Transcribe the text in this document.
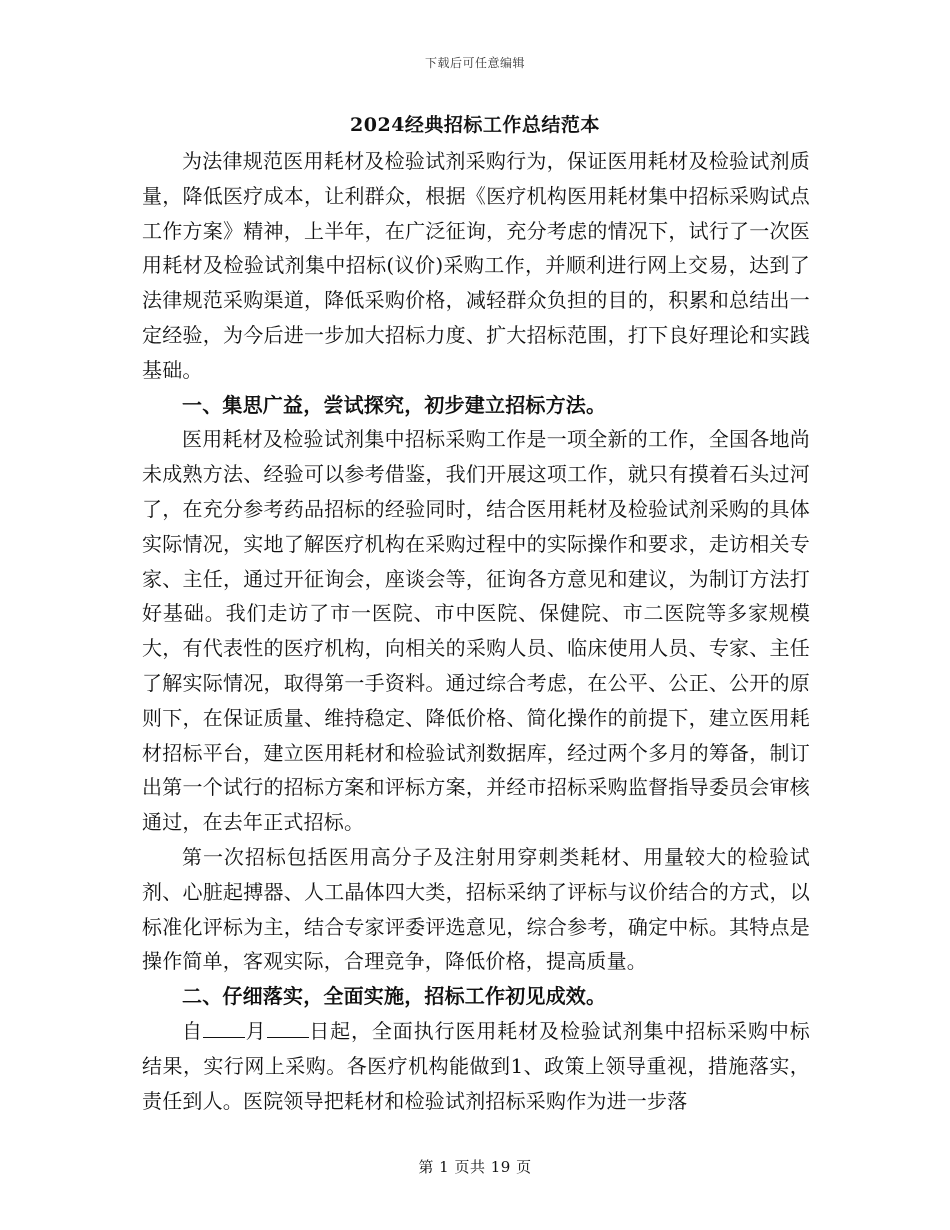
下载后可任意编辑
2024经典招标工作总结范本

为法律规范医用耗材及检验试剂采购行为，保证医用耗材及检验试剂质量，降低医疗成本，让利群众，根据《医疗机构医用耗材集中招标采购试点工作方案》精神，上半年，在广泛征询，充分考虑的情况下，试行了一次医用耗材及检验试剂集中招标(议价)采购工作，并顺利进行网上交易，达到了法律规范采购渠道，降低采购价格，减轻群众负担的目的，积累和总结出一定经验，为今后进一步加大招标力度、扩大招标范围，打下良好理论和实践基础。

一、集思广益，尝试探究，初步建立招标方法。

医用耗材及检验试剂集中招标采购工作是一项全新的工作，全国各地尚未成熟方法、经验可以参考借鉴，我们开展这项工作，就只有摸着石头过河了，在充分参考药品招标的经验同时，结合医用耗材及检验试剂采购的具体实际情况，实地了解医疗机构在采购过程中的实际操作和要求，走访相关专家、主任，通过开征询会，座谈会等，征询各方意见和建议，为制订方法打好基础。我们走访了市一医院、市中医院、保健院、市二医院等多家规模大，有代表性的医疗机构，向相关的采购人员、临床使用人员、专家、主任了解实际情况，取得第一手资料。通过综合考虑，在公平、公正、公开的原则下，在保证质量、维持稳定、降低价格、简化操作的前提下，建立医用耗材招标平台，建立医用耗材和检验试剂数据库，经过两个多月的筹备，制订出第一个试行的招标方案和评标方案，并经市招标采购监督指导委员会审核通过，在去年正式招标。

第一次招标包括医用高分子及注射用穿刺类耗材、用量较大的检验试剂、心脏起搏器、人工晶体四大类，招标采纳了评标与议价结合的方式，以标准化评标为主，结合专家评委评选意见，综合参考，确定中标。其特点是操作简单，客观实际，合理竞争，降低价格，提高质量。

二、仔细落实，全面实施，招标工作初见成效。

自 月 日起，全面执行医用耗材及检验试剂集中招标采购中标结果，实行网上采购。各医疗机构能做到1、政策上领导重视，措施落实，责任到人。医院领导把耗材和检验试剂招标采购作为进一步落

第 1 页共 19 页
